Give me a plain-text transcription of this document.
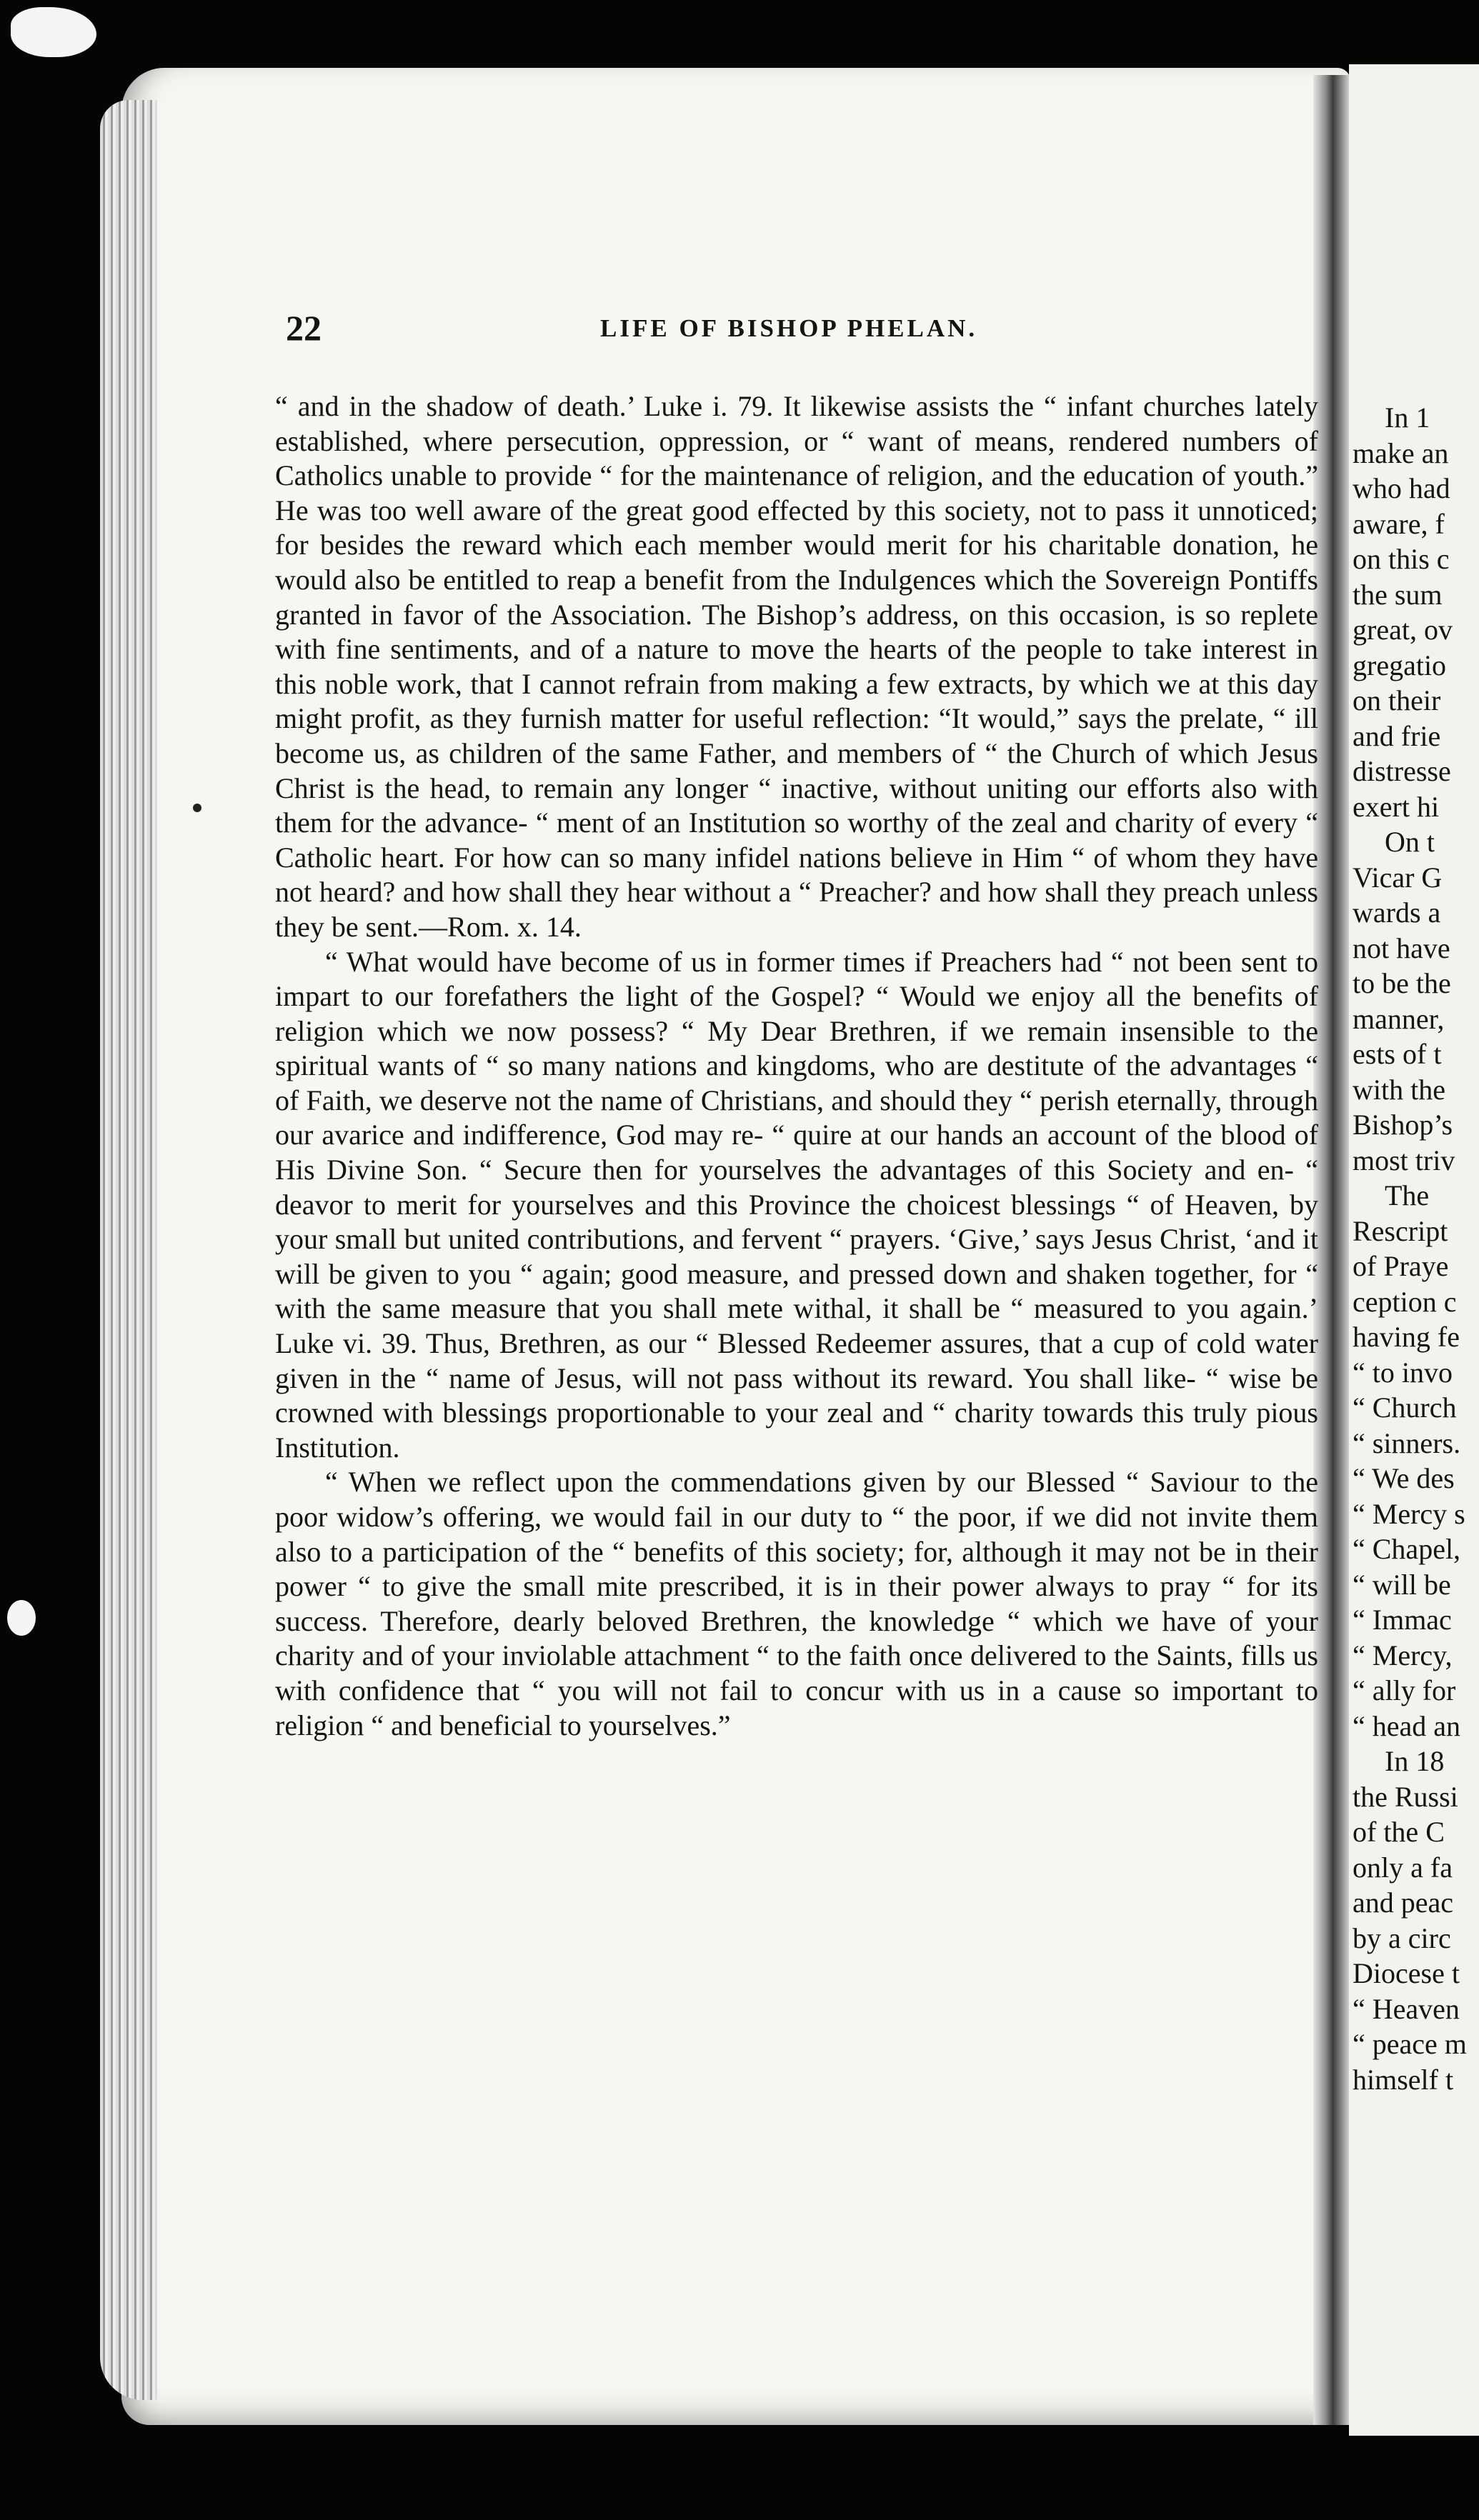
22	LIFE OF BISHOP PHELAN.

“ and in the shadow of death.’ Luke i. 79. It likewise assists the “ infant churches lately established, where persecution, oppression, or “ want of means, rendered numbers of Catholics unable to provide “ for the maintenance of religion, and the education of youth.” He was too well aware of the great good effected by this society, not to pass it unnoticed; for besides the reward which each member would merit for his charitable donation, he would also be entitled to reap a benefit from the Indulgences which the Sovereign Pontiffs granted in favor of the Association. The Bishop’s address, on this occasion, is so replete with fine sentiments, and of a nature to move the hearts of the people to take interest in this noble work, that I cannot refrain from making a few extracts, by which we at this day might profit, as they furnish matter for useful reflection: “It would,” says the prelate, “ ill become us, as children of the same Father, and members of “ the Church of which Jesus Christ is the head, to remain any longer “ inactive, without uniting our efforts also with them for the advance- “ ment of an Institution so worthy of the zeal and charity of every “ Catholic heart. For how can so many infidel nations believe in Him “ of whom they have not heard? and how shall they hear without a “ Preacher? and how shall they preach unless they be sent.—Rom. x. 14.

“ What would have become of us in former times if Preachers had “ not been sent to impart to our forefathers the light of the Gospel? “ Would we enjoy all the benefits of religion which we now possess? “ My Dear Brethren, if we remain insensible to the spiritual wants of “ so many nations and kingdoms, who are destitute of the advantages “ of Faith, we deserve not the name of Christians, and should they “ perish eternally, through our avarice and indifference, God may re- “ quire at our hands an account of the blood of His Divine Son. “ Secure then for yourselves the advantages of this Society and en- “ deavor to merit for yourselves and this Province the choicest blessings “ of Heaven, by your small but united contributions, and fervent “ prayers. ‘Give,’ says Jesus Christ, ‘and it will be given to you “ again; good measure, and pressed down and shaken together, for “ with the same measure that you shall mete withal, it shall be “ measured to you again.’ Luke vi. 39. Thus, Brethren, as our “ Blessed Redeemer assures, that a cup of cold water given in the “ name of Jesus, will not pass without its reward. You shall like- “ wise be crowned with blessings proportionable to your zeal and “ charity towards this truly pious Institution.

“ When we reflect upon the commendations given by our Blessed “ Saviour to the poor widow’s offering, we would fail in our duty to “ the poor, if we did not invite them also to a participation of the “ benefits of this society; for, although it may not be in their power “ to give the small mite prescribed, it is in their power always to pray “ for its success. Therefore, dearly beloved Brethren, the knowledge “ which we have of your charity and of your inviolable attachment “ to the faith once delivered to the Saints, fills us with confidence that “ you will not fail to concur with us in a cause so important to religion “ and beneficial to yourselves.”

In 1
make an
who had
aware, f
on this c
the sum
great, ov
gregatio
on their
and frie
distresse
exert hi
On t
Vicar G
wards a
not have
to be the
manner,
ests of t
with the
Bishop’s
most triv
The
Rescript
of Praye
ception c
having fe
“ to invo
“ Church
“ sinners.
“ We des
“ Mercy s
“ Chapel,
“ will be
“ Immac
“ Mercy,
“ ally for
“ head an
In 18
the Russi
of the C
only a fa
and peac
by a circ
Diocese t
“ Heaven
“ peace m
himself t
